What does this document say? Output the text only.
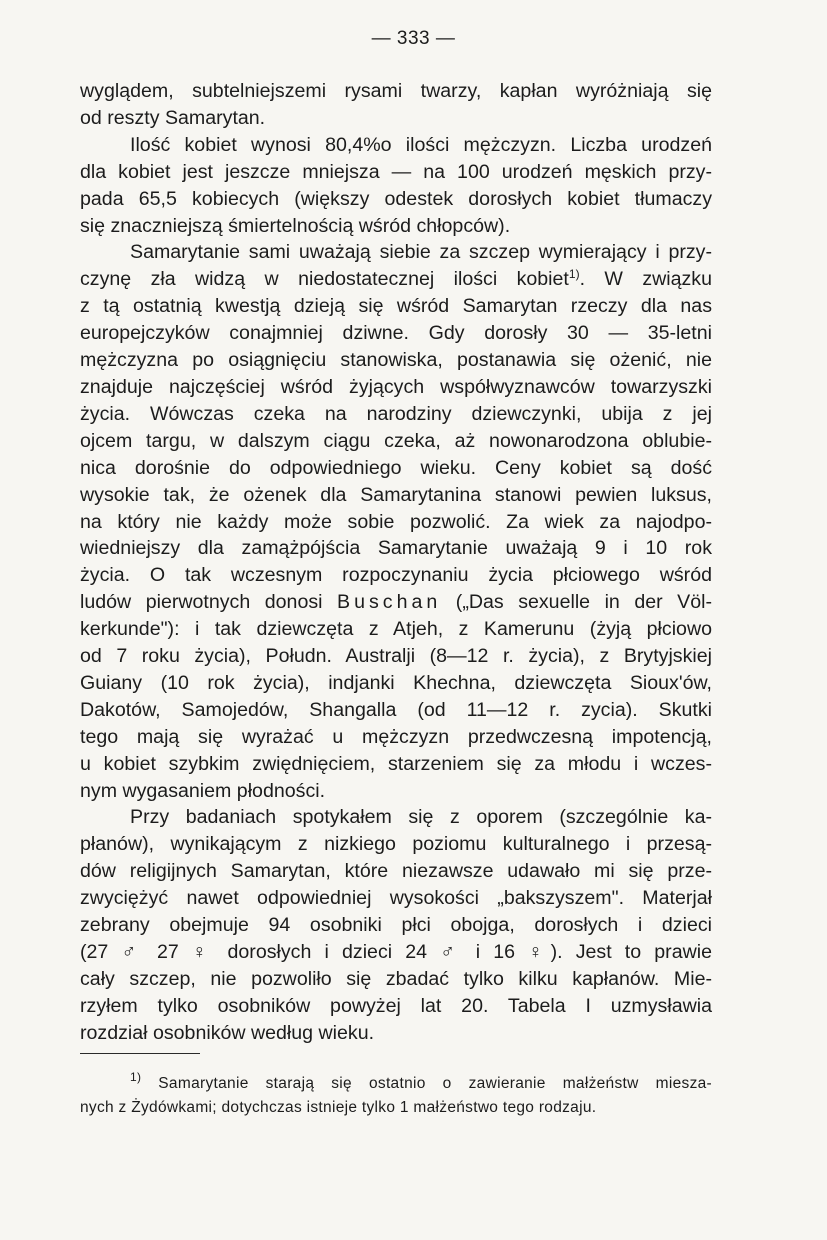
— 333 —
wyglądem, subtelniejszemi rysami twarzy, kapłan wyróżniają się
od reszty Samarytan.
Ilość kobiet wynosi 80,4%o ilości mężczyzn. Liczba urodzeń
dla kobiet jest jeszcze mniejsza — na 100 urodzeń męskich przy-
pada 65,5 kobiecych (większy odestek dorosłych kobiet tłumaczy
się znaczniejszą śmiertelnością wśród chłopców).
Samarytanie sami uważają siebie za szczep wymierający i przy-
czynę zła widzą w niedostatecznej ilości kobiet$^{1)}$. W związku
z tą ostatnią kwestją dzieją się wśród Samarytan rzeczy dla nas
europejczyków conajmniej dziwne. Gdy dorosły 30 — 35-letni
mężczyzna po osiągnięciu stanowiska, postanawia się ożenić, nie
znajduje najczęściej wśród żyjących współwyznawców towarzyszki
życia. Wówczas czeka na narodziny dziewczynki, ubija z jej
ojcem targu, w dalszym ciągu czeka, aż nowonarodzona oblubie-
nica dorośnie do odpowiedniego wieku. Ceny kobiet są dość
wysokie tak, że ożenek dla Samarytanina stanowi pewien luksus,
na który nie każdy może sobie pozwolić. Za wiek za najodpo-
wiedniejszy dla zamążpójścia Samarytanie uważają 9 i 10 rok
życia. O tak wczesnym rozpoczynaniu życia płciowego wśród
ludów pierwotnych donosi Buschan („Das sexuelle in der Völ-
kerkunde"): i tak dziewczęta z Atjeh, z Kamerunu (żyją płciowo
od 7 roku życia), Połudn. Australji (8—12 r. życia), z Brytyjskiej
Guiany (10 rok życia), indjanki Khechna, dziewczęta Sioux'ów,
Dakotów, Samojedów, Shangalla (od 11—12 r. zycia). Skutki
tego mają się wyrażać u mężczyzn przedwczesną impotencją,
u kobiet szybkim zwiędnięciem, starzeniem się za młodu i wczes-
nym wygasaniem płodności.
Przy badaniach spotykałem się z oporem (szczególnie ka-
płanów), wynikającym z nizkiego poziomu kulturalnego i przesą-
dów religijnych Samarytan, które niezawsze udawało mi się prze-
zwyciężyć nawet odpowiedniej wysokości „bakszyszem". Materjał
zebrany obejmuje 94 osobniki płci obojga, dorosłych i dzieci
(27 ♂ 27 ♀ dorosłych i dzieci 24 ♂ i 16 ♀). Jest to prawie
cały szczep, nie pozwoliło się zbadać tylko kilku kapłanów. Mie-
rzyłem tylko osobników powyżej lat 20. Tabela I uzmysławia
rozdział osobników według wieku.
$^{1)}$ Samarytanie starają się ostatnio o zawieranie małżeństw miesza-
nych z Żydówkami; dotychczas istnieje tylko 1 małżeństwo tego rodzaju.
